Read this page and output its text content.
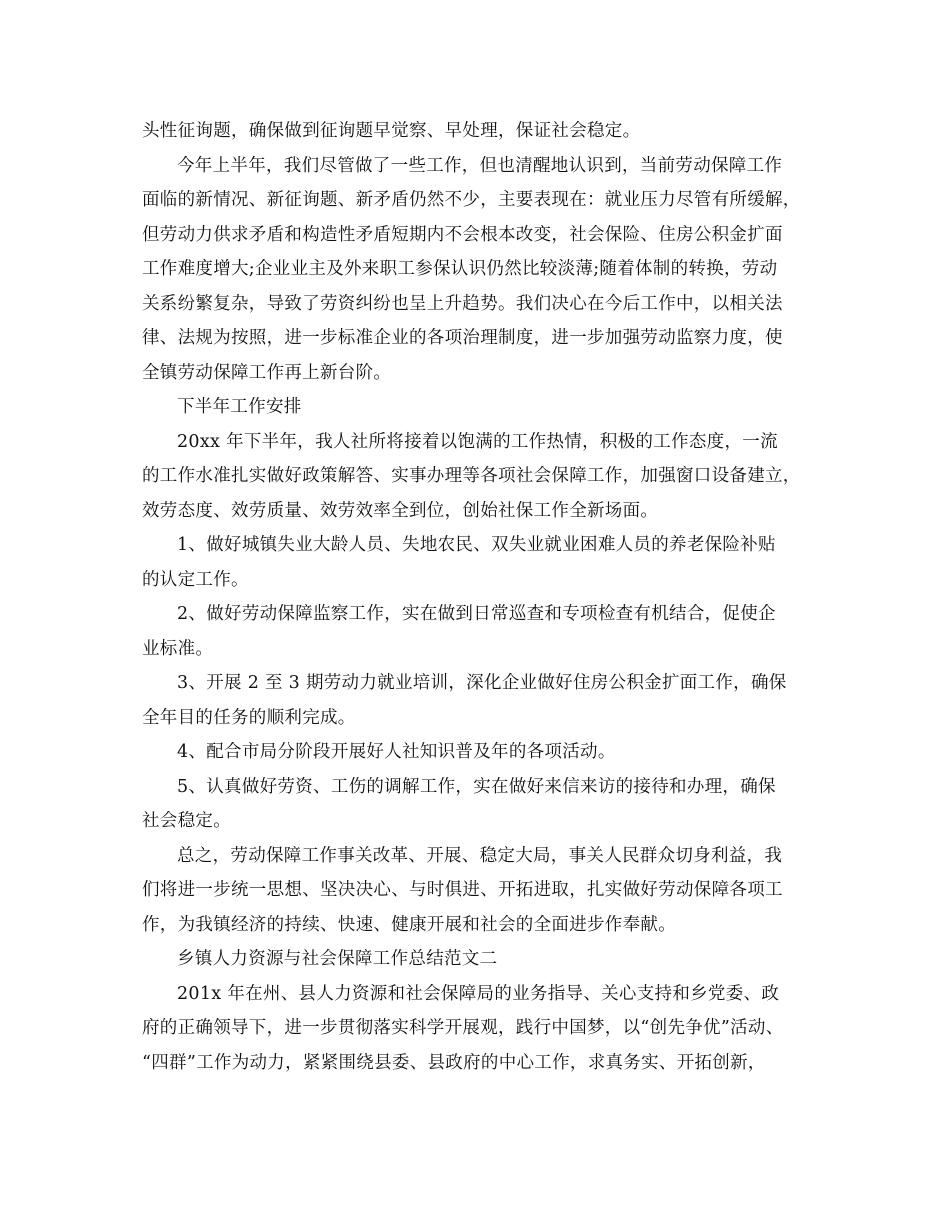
头性征询题，确保做到征询题早觉察、早处理，保证社会稳定。
今年上半年，我们尽管做了一些工作，但也清醒地认识到，当前劳动保障工作
面临的新情况、新征询题、新矛盾仍然不少，主要表现在：就业压力尽管有所缓解，
但劳动力供求矛盾和构造性矛盾短期内不会根本改变，社会保险、住房公积金扩面
工作难度增大;企业业主及外来职工参保认识仍然比较淡薄;随着体制的转换，劳动
关系纷繁复杂，导致了劳资纠纷也呈上升趋势。我们决心在今后工作中，以相关法
律、法规为按照，进一步标准企业的各项治理制度，进一步加强劳动监察力度，使
全镇劳动保障工作再上新台阶。
下半年工作安排
20xx 年下半年，我人社所将接着以饱满的工作热情，积极的工作态度，一流
的工作水准扎实做好政策解答、实事办理等各项社会保障工作，加强窗口设备建立，
效劳态度、效劳质量、效劳效率全到位，创始社保工作全新场面。
1、做好城镇失业大龄人员、失地农民、双失业就业困难人员的养老保险补贴
的认定工作。
2、做好劳动保障监察工作，实在做到日常巡查和专项检查有机结合，促使企
业标准。
3、开展 2 至 3 期劳动力就业培训，深化企业做好住房公积金扩面工作，确保
全年目的任务的顺利完成。
4、配合市局分阶段开展好人社知识普及年的各项活动。
5、认真做好劳资、工伤的调解工作，实在做好来信来访的接待和办理，确保
社会稳定。
总之，劳动保障工作事关改革、开展、稳定大局，事关人民群众切身利益，我
们将进一步统一思想、坚决决心、与时俱进、开拓进取，扎实做好劳动保障各项工
作，为我镇经济的持续、快速、健康开展和社会的全面进步作奉献。
乡镇人力资源与社会保障工作总结范文二
201x 年在州、县人力资源和社会保障局的业务指导、关心支持和乡党委、政
府的正确领导下，进一步贯彻落实科学开展观，践行中国梦，以“创先争优”活动、
“四群”工作为动力，紧紧围绕县委、县政府的中心工作，求真务实、开拓创新，
